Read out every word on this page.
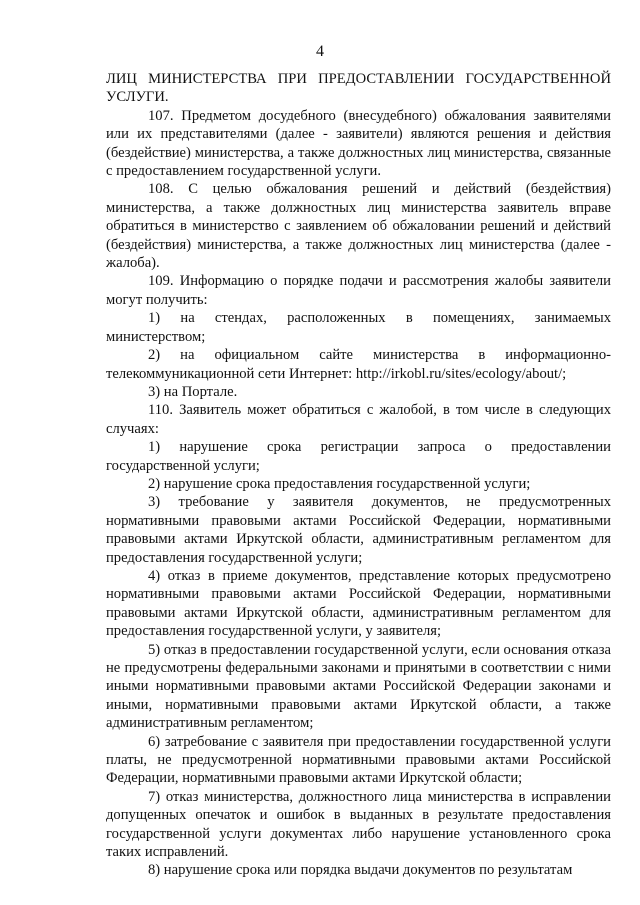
4

ЛИЦ МИНИСТЕРСТВА ПРИ ПРЕДОСТАВЛЕНИИ ГОСУДАРСТВЕННОЙ

УСЛУГИ.

107. Предметом досудебного (внесудебного) обжалования заявителями или их представителями (далее - заявители) являются решения и действия (бездействие) министерства, а также должностных лиц министерства, связанные с предоставлением государственной услуги.

108. С целью обжалования решений и действий (бездействия) министерства, а также должностных лиц министерства заявитель вправе обратиться в министерство с заявлением об обжаловании решений и действий (бездействия) министерства, а также должностных лиц министерства (далее - жалоба).

109. Информацию о порядке подачи и рассмотрения жалобы заявители могут получить:

1) на стендах, расположенных в помещениях, занимаемых министерством;

2) на официальном сайте министерства в информационно-телекоммуникационной сети Интернет: http://irkobl.ru/sites/ecology/about/;

3) на Портале.

110. Заявитель может обратиться с жалобой, в том числе в следующих случаях:

1) нарушение срока регистрации запроса о предоставлении государственной услуги;

2) нарушение срока предоставления государственной услуги;

3) требование у заявителя документов, не предусмотренных нормативными правовыми актами Российской Федерации, нормативными правовыми актами Иркутской области, административным регламентом для предоставления государственной услуги;

4) отказ в приеме документов, представление которых предусмотрено нормативными правовыми актами Российской Федерации, нормативными правовыми актами Иркутской области, административным регламентом для предоставления государственной услуги, у заявителя;

5) отказ в предоставлении государственной услуги, если основания отказа не предусмотрены федеральными законами и принятыми в соответствии с ними иными нормативными правовыми актами Российской Федерации законами и иными, нормативными правовыми актами Иркутской области, а также административным регламентом;

6) затребование с заявителя при предоставлении государственной услуги платы, не предусмотренной нормативными правовыми актами Российской Федерации, нормативными правовыми актами Иркутской области;

7) отказ министерства, должностного лица министерства в исправлении допущенных опечаток и ошибок в выданных в результате предоставления государственной услуги документах либо нарушение установленного срока таких исправлений.

8) нарушение срока или порядка выдачи документов по результатам
